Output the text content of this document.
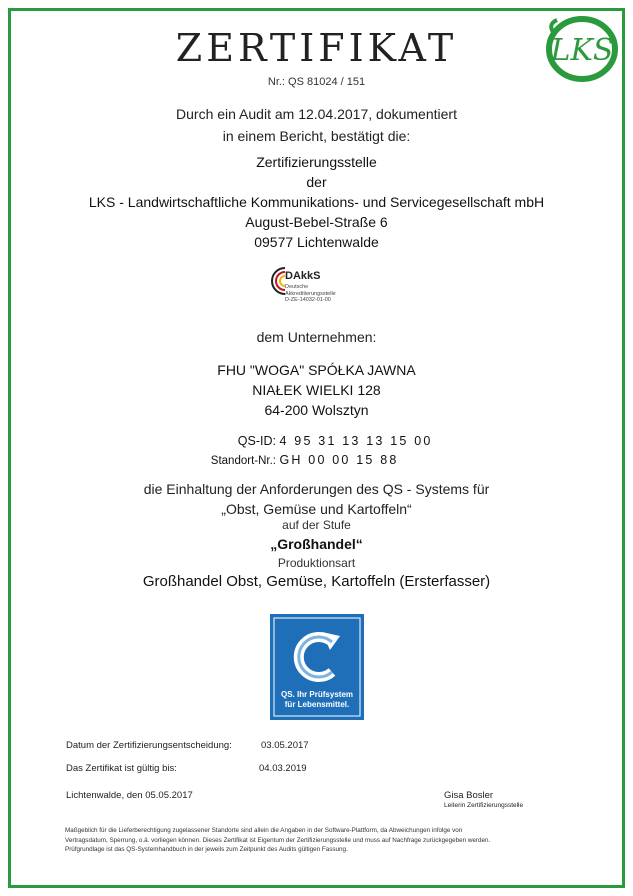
LKS
ZERTIFIKAT
Nr.: QS 81024 / 151
Durch ein Audit am 12.04.2017, dokumentiert
in einem Bericht, bestätigt die:
Zertifizierungsstelle
der
LKS - Landwirtschaftliche Kommunikations- und Servicegesellschaft mbH
August-Bebel-Straße 6
09577 Lichtenwalde
DAkkS
Deutsche
Akkreditierungsstelle
D-ZE-14032-01-00
dem Unternehmen:
FHU "WOGA" SPÓŁKA JAWNA
NIAŁEK WIELKI 128
64-200 Wolsztyn
QS-ID: 4 95 31 13 13 15 00
Standort-Nr.: GH 00 00 15 88
die Einhaltung der Anforderungen des QS - Systems für
„Obst, Gemüse und Kartoffeln“
auf der Stufe
„Großhandel“
Produktionsart
Großhandel Obst, Gemüse, Kartoffeln (Ersterfasser)
QS. Ihr Prüfsystem
für Lebensmittel.
Datum der Zertifizierungsentscheidung:	03.05.2017
Das Zertifikat ist gültig bis:	04.03.2019
Lichtenwalde, den 05.05.2017	Gisa Bosler
Leiterin Zertifizierungsstelle
Maßgeblich für die Lieferberechtigung zugelassener Standorte sind allein die Angaben in der Software-Plattform, da Abweichungen infolge von
Vertragsdatum, Sperrung, o.ä. vorliegen können. Dieses Zertifikat ist Eigentum der Zertifizierungsstelle und muss auf Nachfrage zurückgegeben werden.
Prüfgrundlage ist das QS-Systemhandbuch in der jeweils zum Zeitpunkt des Audits gültigen Fassung.
